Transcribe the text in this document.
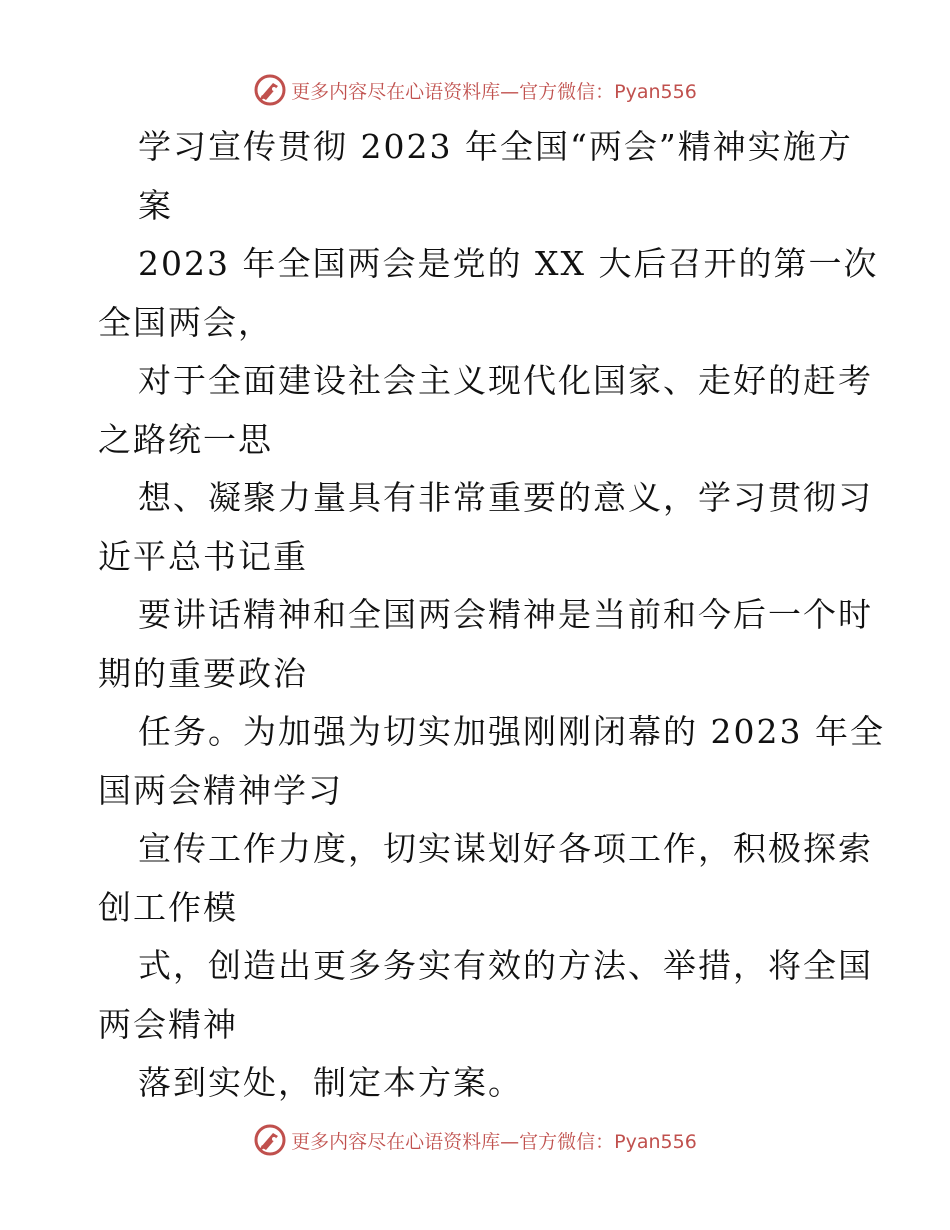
更多内容尽在心语资料库—官方微信：Pyan556
学习宣传贯彻 2023 年全国“两会”精神实施方
案
2023 年全国两会是党的 XX 大后召开的第一次
全国两会，
对于全面建设社会主义现代化国家、走好的赶考
之路统一思
想、凝聚力量具有非常重要的意义，学习贯彻习
近平总书记重
要讲话精神和全国两会精神是当前和今后一个时
期的重要政治
任务。为加强为切实加强刚刚闭幕的 2023 年全
国两会精神学习
宣传工作力度，切实谋划好各项工作，积极探索
创工作模
式，创造出更多务实有效的方法、举措，将全国
两会精神
落到实处，制定本方案。
更多内容尽在心语资料库—官方微信：Pyan556
